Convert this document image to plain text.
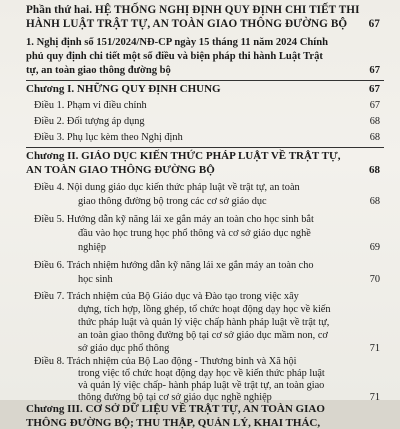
Phần thứ hai. HỆ THỐNG NGHỊ ĐỊNH QUY ĐỊNH CHI TIẾT THI
HÀNH LUẬT TRẬT TỰ, AN TOÀN GIAO THÔNG ĐƯỜNG BỘ 67
1. Nghị định số 151/2024/NĐ-CP ngày 15 tháng 11 năm 2024 Chính
phủ quy định chi tiết một số điều và biện pháp thi hành Luật Trật
tự, an toàn giao thông đường bộ	67
Chương I. NHỮNG QUY ĐỊNH CHUNG	67
Điều 1. Phạm vi điều chỉnh	67
Điều 2. Đối tượng áp dụng	68
Điều 3. Phụ lục kèm theo Nghị định	68
Chương II. GIÁO DỤC KIẾN THỨC PHÁP LUẬT VỀ TRẬT TỰ,
AN TOÀN GIAO THÔNG ĐƯỜNG BỘ	68
Điều 4. Nội dung giáo dục kiến thức pháp luật về trật tự, an toàn
giao thông đường bộ trong các cơ sở giáo dục	68
Điều 5. Hướng dẫn kỹ năng lái xe gắn máy an toàn cho học sinh bắt
đầu vào học trung học phổ thông và cơ sở giáo dục nghề
nghiệp	69
Điều 6. Trách nhiệm hướng dẫn kỹ năng lái xe gắn máy an toàn cho
học sinh	70
Điều 7. Trách nhiệm của Bộ Giáo dục và Đào tạo trong việc xây
dựng, tích hợp, lồng ghép, tổ chức hoạt động dạy học về kiến
thức pháp luật và quản lý việc chấp hành pháp luật về trật tự,
an toàn giao thông đường bộ tại cơ sở giáo dục mầm non, cơ
sở giáo dục phổ thông	71
Điều 8. Trách nhiệm của Bộ Lao động - Thương binh và Xã hội
trong việc tổ chức hoạt động dạy học về kiến thức pháp luật
và quản lý việc chấp- hành pháp luật về trật tự, an toàn giao
thông đường bộ tại cơ sở giáo dục nghề nghiệp	71
Chương III. CƠ SỞ DỮ LIỆU VỀ TRẬT TỰ, AN TOÀN GIAO
THÔNG ĐƯỜNG BỘ; THU THẬP, QUẢN LÝ, KHAI THÁC,
